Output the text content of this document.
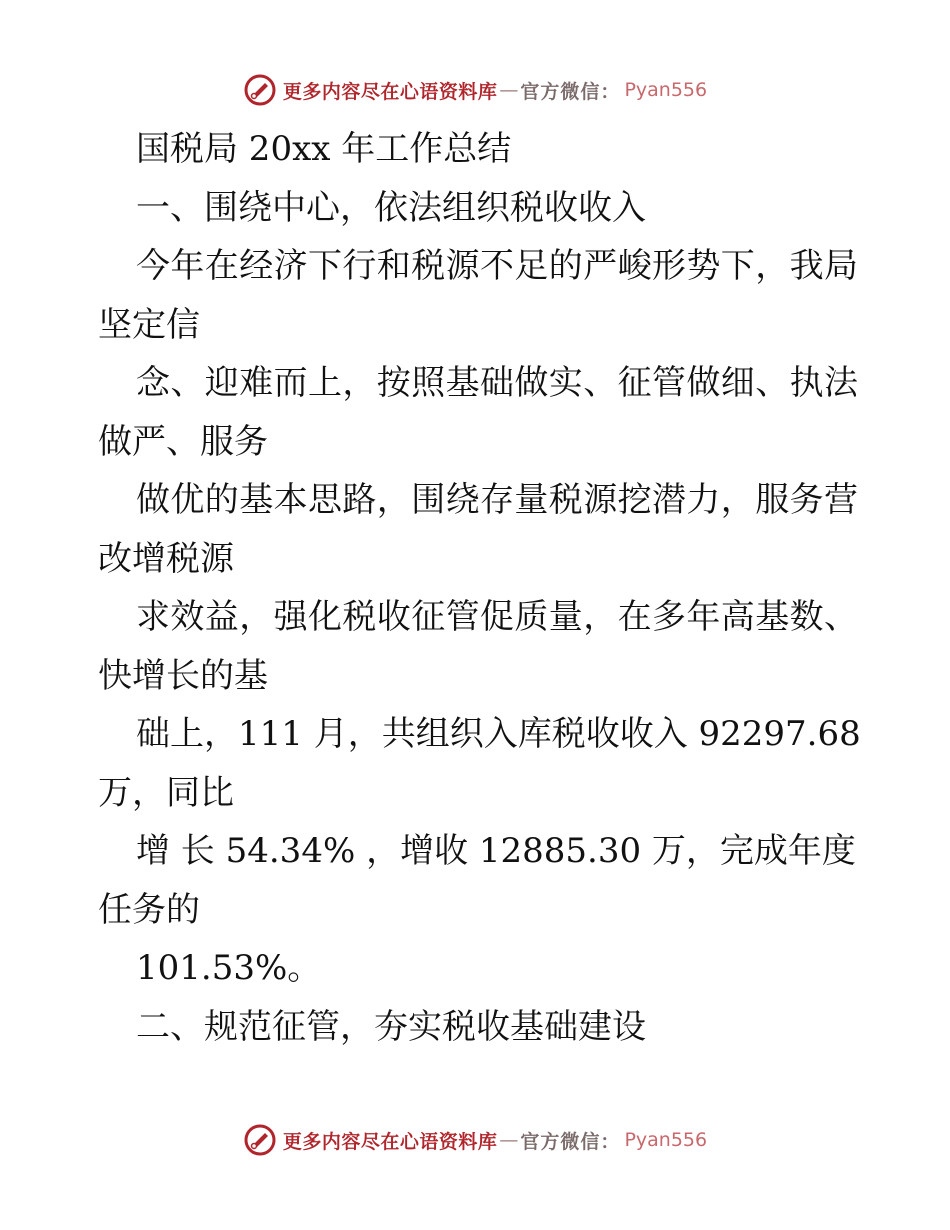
更多内容尽在心语资料库 — 官方微信： Pyan556
国税局 20xx 年工作总结
一、围绕中心，依法组织税收收入
今年在经济下行和税源不足的严峻形势下，我局
坚定信
念、迎难而上，按照基础做实、征管做细、执法
做严、服务
做优的基本思路，围绕存量税源挖潜力，服务营
改增税源
求效益，强化税收征管促质量，在多年高基数、
快增长的基
础上，111 月，共组织入库税收收入 92297.68
万，同比
增 长 54.34% ，增收 12885.30 万，完成年度
任务的
101.53%。
二、规范征管，夯实税收基础建设
更多内容尽在心语资料库 — 官方微信： Pyan556
